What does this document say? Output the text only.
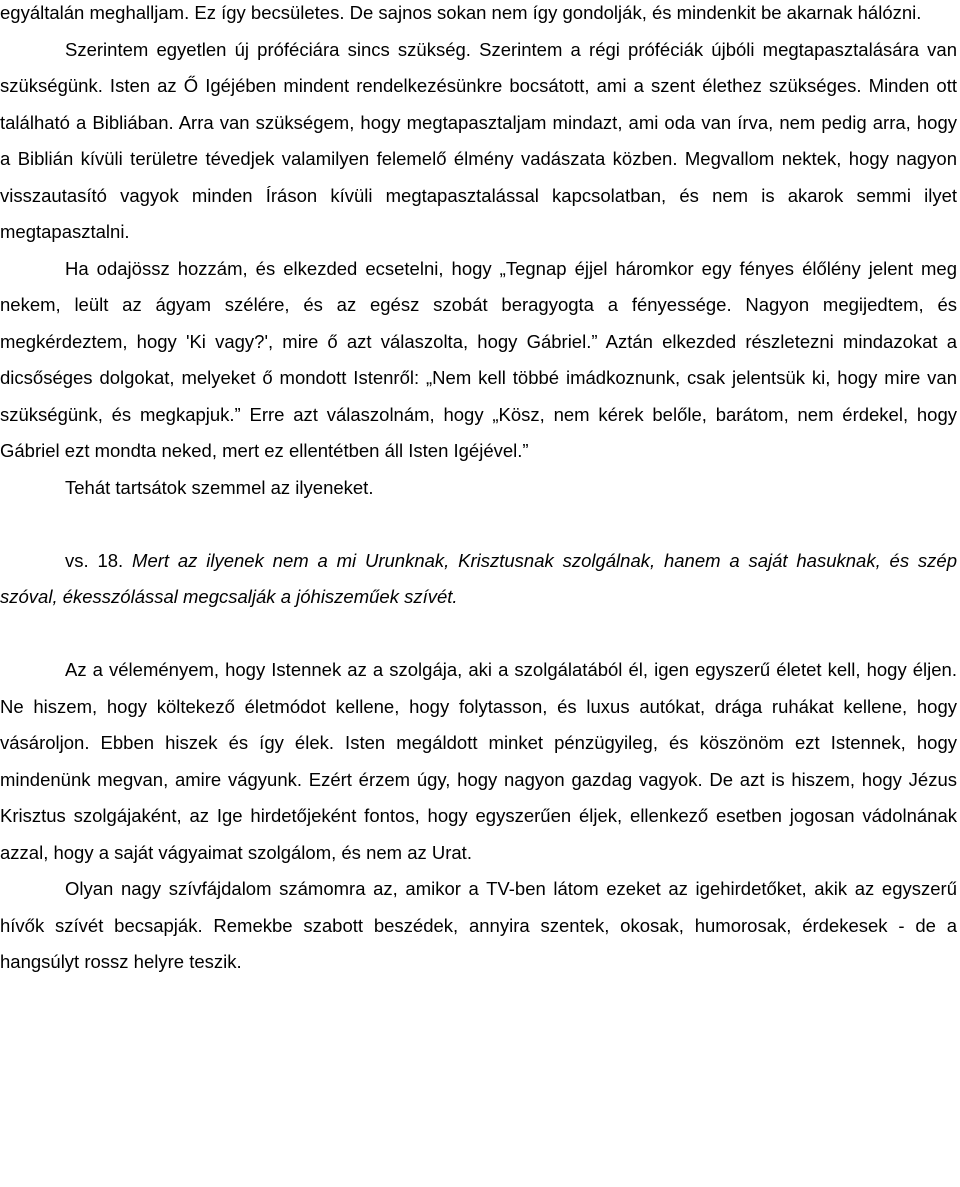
egyáltalán meghalljam. Ez így becsületes. De sajnos sokan nem így gondolják, és mindenkit be akarnak hálózni.

Szerintem egyetlen új próféciára sincs szükség. Szerintem a régi próféciák újbóli megtapasztalására van szükségünk. Isten az Ő Igéjében mindent rendelkezésünkre bocsátott, ami a szent élethez szükséges. Minden ott található a Bibliában. Arra van szükségem, hogy megtapasztaljam mindazt, ami oda van írva, nem pedig arra, hogy a Biblián kívüli területre tévedjek valamilyen felemelő élmény vadászata közben. Megvallom nektek, hogy nagyon visszautasító vagyok minden Íráson kívüli megtapasztalással kapcsolatban, és nem is akarok semmi ilyet megtapasztalni.

Ha odajössz hozzám, és elkezded ecsetelni, hogy „Tegnap éjjel háromkor egy fényes élőlény jelent meg nekem, leült az ágyam szélére, és az egész szobát beragyogta a fényessége. Nagyon megijedtem, és megkérdeztem, hogy 'Ki vagy?', mire ő azt válaszolta, hogy Gábriel.” Aztán elkezded részletezni mindazokat a dicsőséges dolgokat, melyeket ő mondott Istenről: „Nem kell többé imádkoznunk, csak jelentsük ki, hogy mire van szükségünk, és megkapjuk.” Erre azt válaszolnám, hogy „Kösz, nem kérek belőle, barátom, nem érdekel, hogy Gábriel ezt mondta neked, mert ez ellentétben áll Isten Igéjével.”

Tehát tartsátok szemmel az ilyeneket.

vs. 18. Mert az ilyenek nem a mi Urunknak, Krisztusnak szolgálnak, hanem a saját hasuknak, és szép szóval, ékesszólással megcsalják a jóhiszeműek szívét.

Az a véleményem, hogy Istennek az a szolgája, aki a szolgálatából él, igen egyszerű életet kell, hogy éljen. Ne hiszem, hogy költekező életmódot kellene, hogy folytasson, és luxus autókat, drága ruhákat kellene, hogy vásároljon. Ebben hiszek és így élek. Isten megáldott minket pénzügyileg, és köszönöm ezt Istennek, hogy mindenünk megvan, amire vágyunk. Ezért érzem úgy, hogy nagyon gazdag vagyok. De azt is hiszem, hogy Jézus Krisztus szolgájaként, az Ige hirdetőjeként fontos, hogy egyszerűen éljek, ellenkező esetben jogosan vádolnának azzal, hogy a saját vágyaimat szolgálom, és nem az Urat.

Olyan nagy szívfájdalom számomra az, amikor a TV-ben látom ezeket az igehirdetőket, akik az egyszerű hívők szívét becsapják. Remekbe szabott beszédek, annyira szentek, okosak, humorosak, érdekesek - de a hangsúlyt rossz helyre teszik.
